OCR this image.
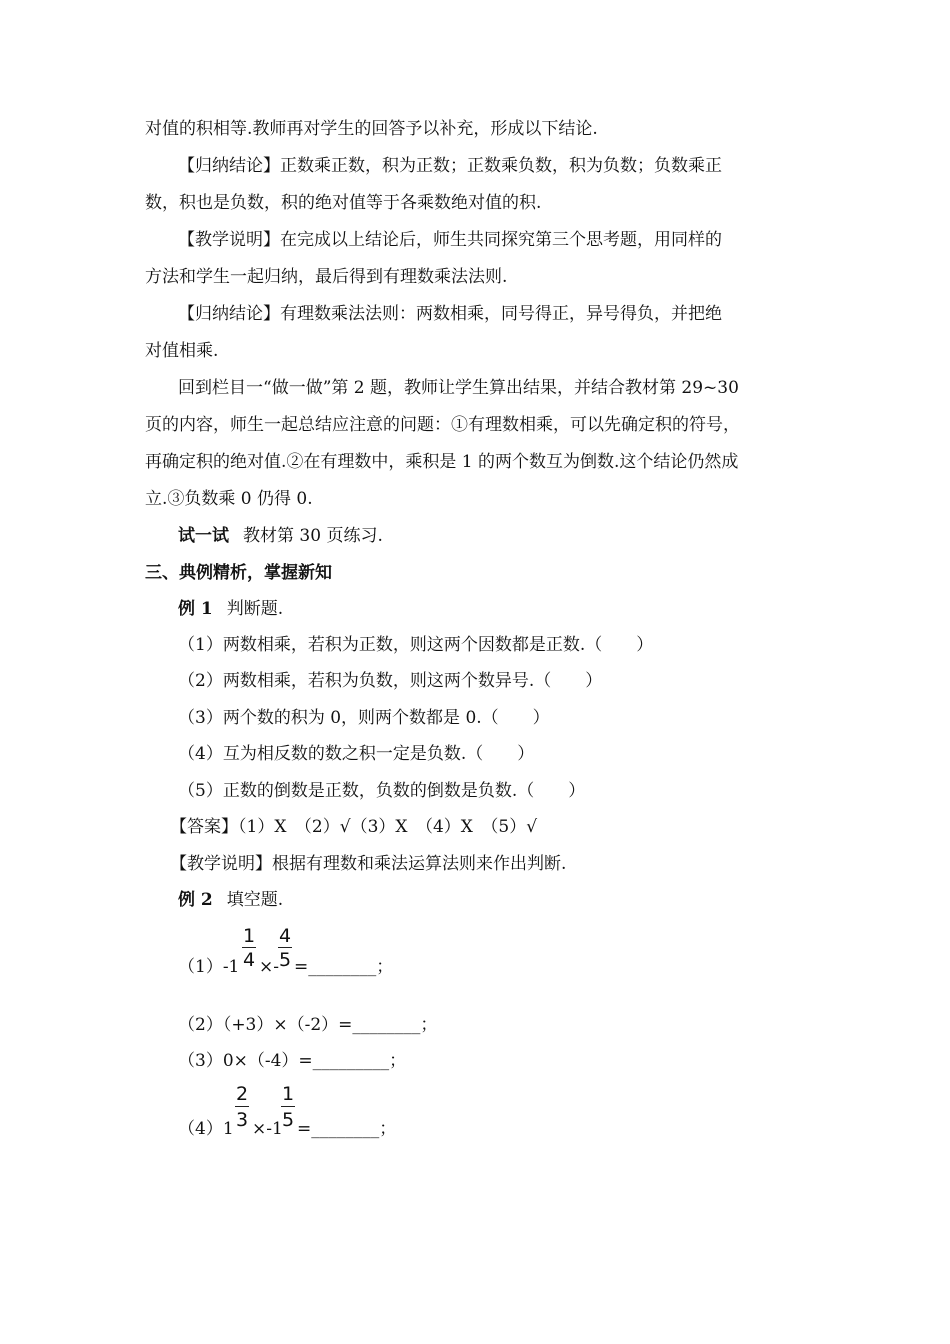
对值的积相等.教师再对学生的回答予以补充，形成以下结论.
【归纳结论】正数乘正数，积为正数；正数乘负数，积为负数；负数乘正
数，积也是负数，积的绝对值等于各乘数绝对值的积.
【教学说明】在完成以上结论后，师生共同探究第三个思考题，用同样的
方法和学生一起归纳，最后得到有理数乘法法则.
【归纳结论】有理数乘法法则：两数相乘，同号得正，异号得负，并把绝
对值相乘.
回到栏目一“做一做”第 2 题，教师让学生算出结果，并结合教材第 29~30
页的内容，师生一起总结应注意的问题：①有理数相乘，可以先确定积的符号，
再确定积的绝对值.②在有理数中，乘积是 1 的两个数互为倒数.这个结论仍然成
立.③负数乘 0 仍得 0.
试一试 教材第 30 页练习.
三、典例精析，掌握新知
例 1 判断题.
（1）两数相乘，若积为正数，则这两个因数都是正数.（　　）
（2）两数相乘，若积为负数，则这两个数异号.（　　）
（3）两个数的积为 0，则两个数都是 0.（　　）
（4）互为相反数的数之积一定是负数.（　　）
（5）正数的倒数是正数，负数的倒数是负数.（　　）
【答案】（1）X　（2）√（3）X　（4）X　（5）√
【教学说明】根据有理数和乘法运算法则来作出判断.
例 2 填空题.
（1）-1
1
4 ×-
4
5 =________；
（2）（+3）×（-2）=________；
（3）0×（-4）=_________；
（4）1
2
3 ×-1
1
5 =________；
